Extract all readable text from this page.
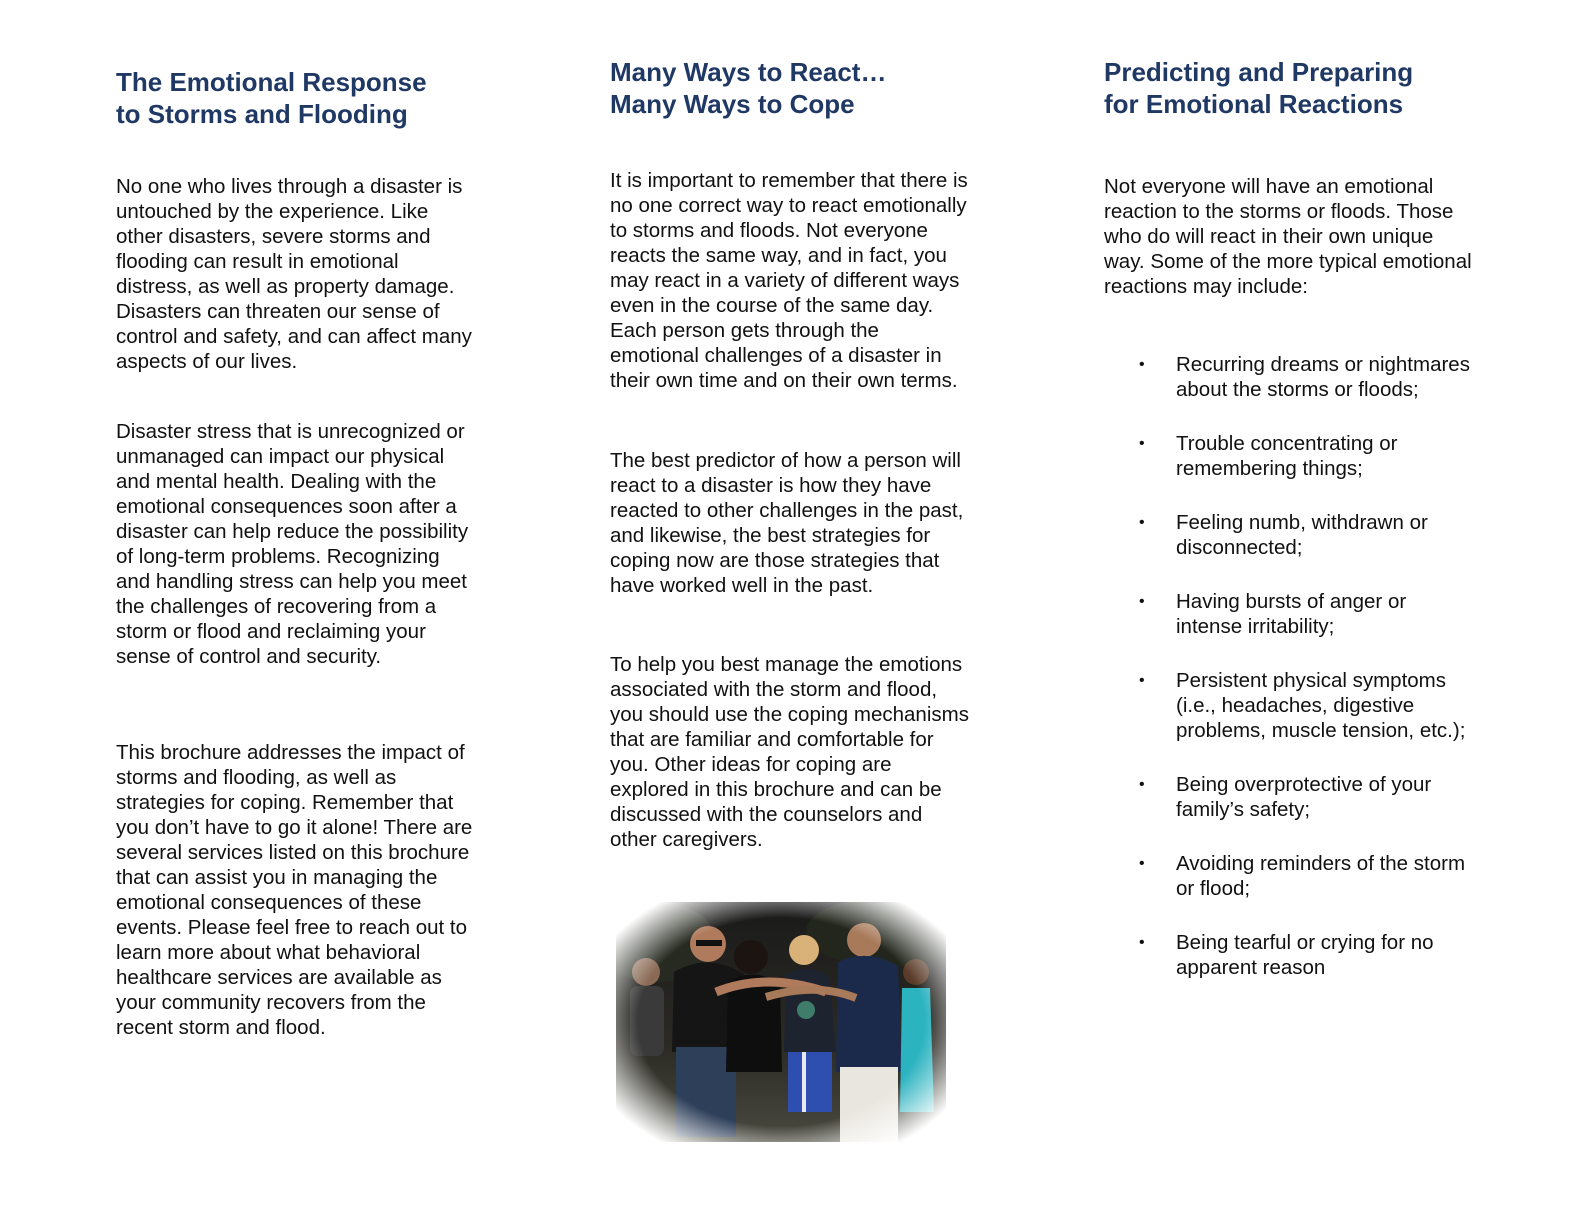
The Emotional Response
to Storms and Flooding

No one who lives through a disaster is untouched by the experience. Like other disasters, severe storms and flooding can result in emotional distress, as well as property damage. Disasters can threaten our sense of control and safety, and can affect many aspects of our lives.

Disaster stress that is unrecognized or unmanaged can impact our physical and mental health. Dealing with the emotional consequences soon after a disaster can help reduce the possibility of long-term problems. Recognizing and handling stress can help you meet the challenges of recovering from a storm or flood and reclaiming your sense of control and security.

This brochure addresses the impact of storms and flooding, as well as strategies for coping. Remember that you don’t have to go it alone! There are several services listed on this brochure that can assist you in managing the emotional consequences of these events. Please feel free to reach out to learn more about what behavioral healthcare services are available as your community recovers from the recent storm and flood.

Many Ways to React…
Many Ways to Cope

It is important to remember that there is no one correct way to react emotionally to storms and floods. Not everyone reacts the same way, and in fact, you may react in a variety of different ways even in the course of the same day. Each person gets through the emotional challenges of a disaster in their own time and on their own terms.

The best predictor of how a person will react to a disaster is how they have reacted to other challenges in the past, and likewise, the best strategies for coping now are those strategies that have worked well in the past.

To help you best manage the emotions associated with the storm and flood, you should use the coping mechanisms that are familiar and comfortable for you. Other ideas for coping are explored in this brochure and can be discussed with the counselors and other caregivers.

Predicting and Preparing
for Emotional Reactions

Not everyone will have an emotional reaction to the storms or floods. Those who do will react in their own unique way. Some of the more typical emotional reactions may include:

• Recurring dreams or nightmares about the storms or floods;
• Trouble concentrating or remembering things;
• Feeling numb, withdrawn or disconnected;
• Having bursts of anger or intense irritability;
• Persistent physical symptoms (i.e., headaches, digestive problems, muscle tension, etc.);
• Being overprotective of your family’s safety;
• Avoiding reminders of the storm or flood;
• Being tearful or crying for no apparent reason
